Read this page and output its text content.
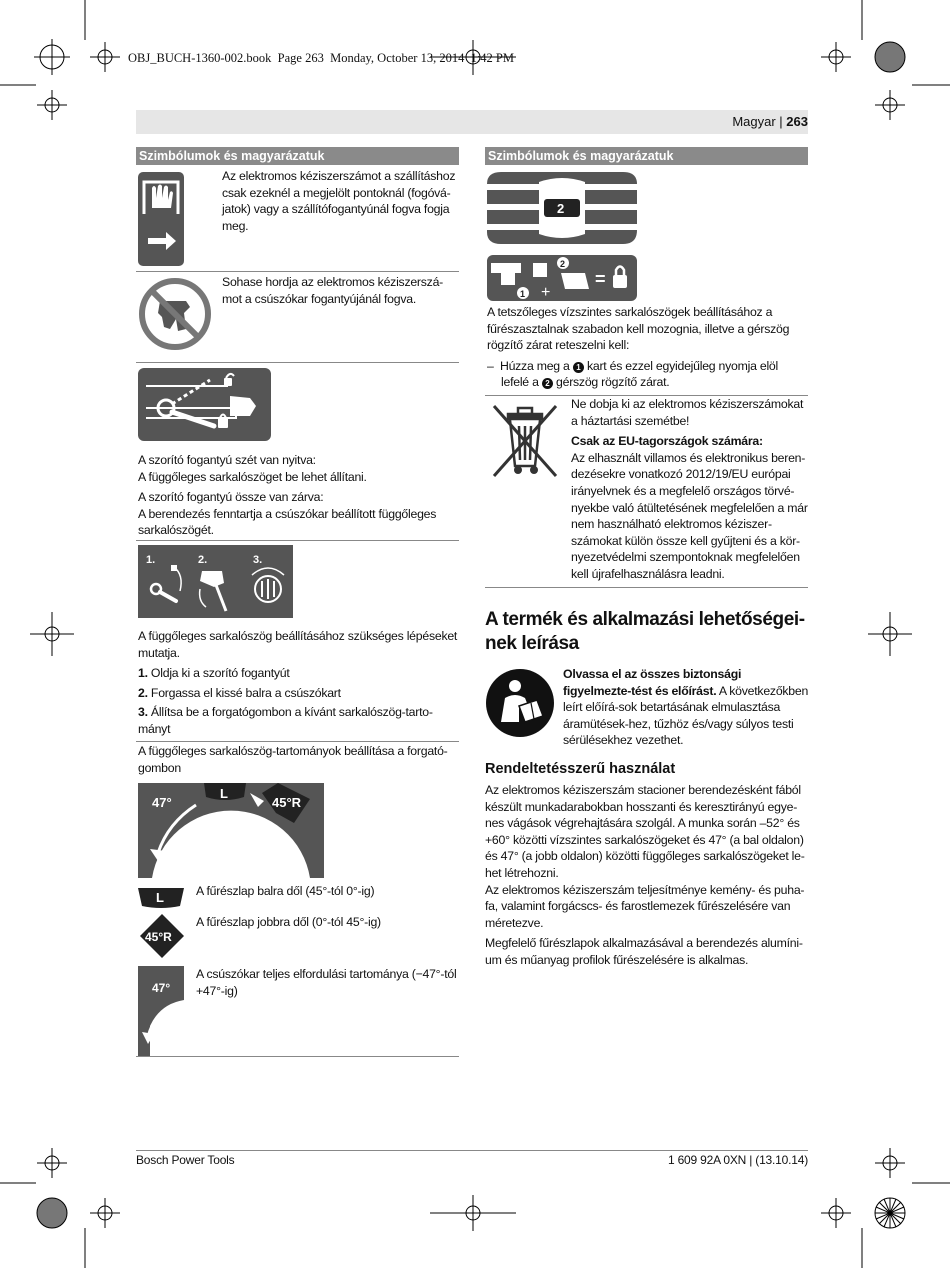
OBJ_BUCH-1360-002.book  Page 263  Monday, October 13, 2014  1:42 PM
Magyar | 263
Szimbólumok és magyarázatuk
Az elektromos kéziszerszámot a szállításhoz csak ezeknél a megjelölt pontoknál (fogóvá-jatok) vagy a szállítófogantyúnál fogva fogja meg.
Sohase hordja az elektromos kéziszerszá-mot a csúszókar fogantyújánál fogva.

A szorító fogantyú szét van nyitva:

A függőleges sarkalószöget be lehet állítani.

A szorító fogantyú össze van zárva:

A berendezés fenntartja a csúszókar beállított függőleges sarkalószögét.

1.	2.	3.

A függőleges sarkalószög beállításához szükséges lépéseket mutatja.

1. Oldja ki a szorító fogantyút

2. Forgassa el kissé balra a csúszókart

3. Állítsa be a forgatógombon a kívánt sarkalószög-tarto-mányt

A függőleges sarkalószög-tartományok beállítása a forgató-gombon
47°
L
45°R
L	A fűrészlap balra dől (45°-tól 0°-ig)
45°R
A fűrészlap jobbra dől (0°-tól 45°-ig)
47°
A csúszókar teljes elfordulási tartománya (−47°-tól +47°-ig)
Szimbólumok és magyarázatuk
2
1
2
+
=

A tetszőleges vízszintes sarkalószögek beállításához a fűrészasztalnak szabadon kell mozognia, illetve a gérszög rögzítő zárat reteszelni kell:

– Húzza meg a 1 kart és ezzel egyidejűleg nyomja elöl lefelé a 2 gérszög rögzítő zárat.

Ne dobja ki az elektromos kéziszerszámokat a háztartási szemétbe!

Csak az EU-tagországok számára:

Az elhasznált villamos és elektronikus beren-dezésekre vonatkozó 2012/19/EU európai irányelvnek és a megfelelő országos törvé-nyekbe való átültetésének megfelelően a már nem használható elektromos kéziszer-számokat külön össze kell gyűjteni és a kör-nyezetvédelmi szempontoknak megfelelően kell újrafelhasználásra leadni.

A termék és alkalmazási lehetőségei-
nek leírása
Olvassa el az összes biztonsági figyelmezte-tést és előírást. A következőkben leírt előírá-sok betartásának elmulasztása áramütések-hez, tűzhöz és/vagy súlyos testi sérülésekhez vezethet.
Rendeltetésszerű használat

Az elektromos kéziszerszám stacioner berendezésként fából készült munkadarabokban hosszanti és keresztirányú egye-nes vágások végrehajtására szolgál. A munka során –52° és +60° közötti vízszintes sarkalószögeket és 47° (a bal oldalon) és 47° (a jobb oldalon) közötti függőleges sarkalószögeket le-het létrehozni.

Az elektromos kéziszerszám teljesítménye kemény- és puha-fa, valamint forgácscs- és farostlemezek fűrészelésére van méretezve.

Megfelelő fűrészlapok alkalmazásával a berendezés alumíni-um és műanyag profilok fűrészelésére is alkalmas.

Bosch Power Tools	1 609 92A 0XN | (13.10.14)
